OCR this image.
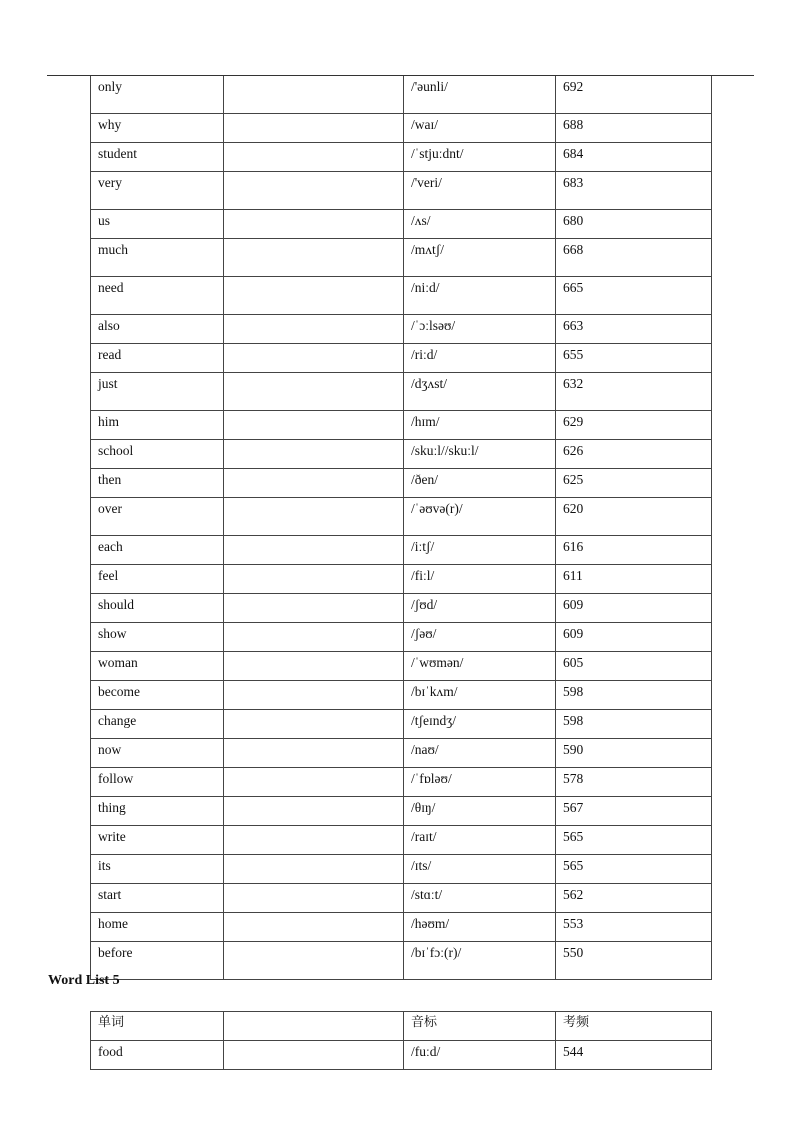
only		/'əunli/	692
why		/waɪ/	688
student		/ˈstjuːdnt/	684
very		/'veri/	683
us		/ʌs/	680
much		/mʌtʃ/	668
need		/niːd/	665
also		/ˈɔːlsəʊ/	663
read		/riːd/	655
just		/dʒʌst/	632
him		/hɪm/	629
school		/skuːl//skuːl/	626
then		/ðen/	625
over		/ˈəʊvə(r)/	620
each		/iːtʃ/	616
feel		/fiːl/	611
should		/ʃʊd/	609
show		/ʃəʊ/	609
woman		/ˈwʊmən/	605
become		/bɪˈkʌm/	598
change		/tʃeɪndʒ/	598
now		/naʊ/	590
follow		/ˈfɒləʊ/	578
thing		/θɪŋ/	567
write		/raɪt/	565
its		/ɪts/	565
start		/stɑːt/	562
home		/həʊm/	553
before		/bɪˈfɔː(r)/	550
Word List 5
单词		音标	考频
food		/fuːd/	544
